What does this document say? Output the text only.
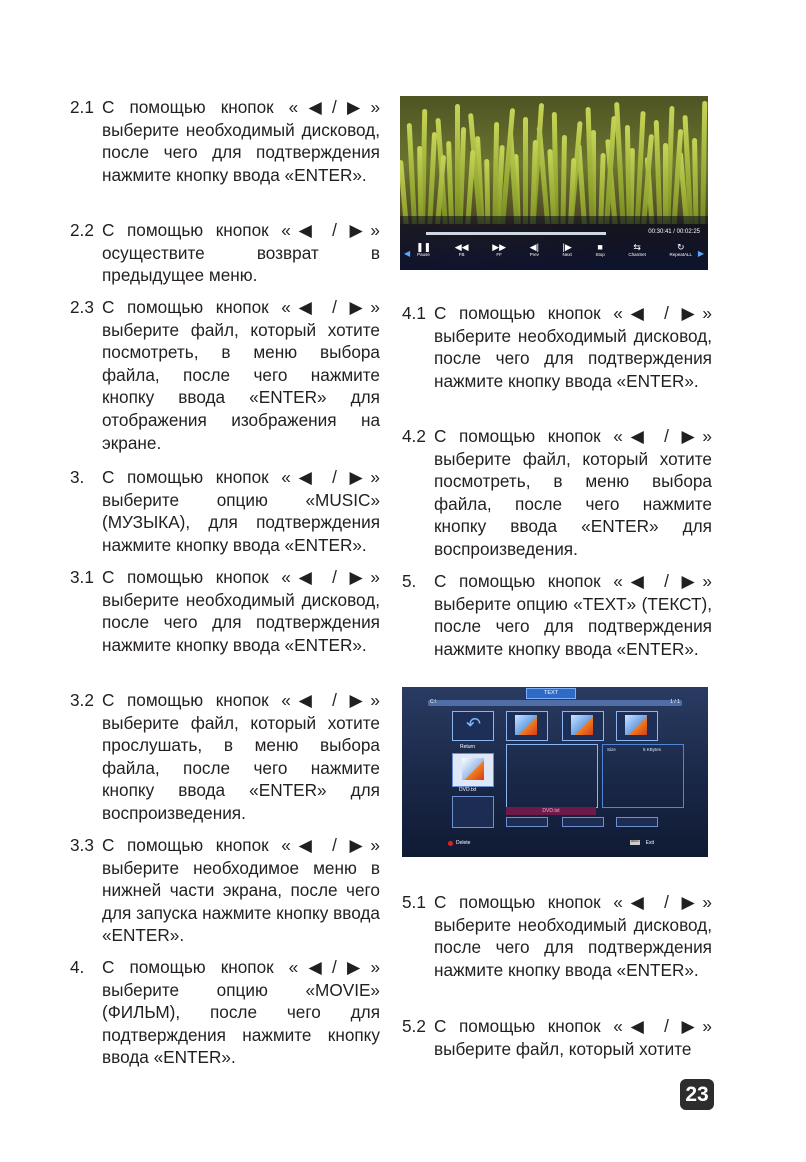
2.1 С помощью кнопок «◀/▶» выберите необходимый дисковод, после чего для подтверждения нажмите кнопку ввода «ENTER».
2.2 С помощью кнопок «◀ / ▶» осуществите возврат в предыдущее меню.
2.3 С помощью кнопок «◀ / ▶» выберите файл, который хотите посмотреть, в меню выбора файла, после чего нажмите кнопку ввода «ENTER» для отображения изображения на экране.
3.	С помощью кнопок «◀ / ▶» выберите опцию «MUSIC» (МУЗЫКА), для подтверждения нажмите кнопку ввода «ENTER».
3.1 С помощью кнопок «◀ / ▶» выберите необходимый дисковод, после чего для подтверждения нажмите кнопку ввода «ENTER».
3.2 С помощью кнопок «◀ / ▶» выберите файл, который хотите прослушать, в меню выбора файла, после чего нажмите кнопку ввода «ENTER» для воспроизведения.
3.3 С помощью кнопок «◀ / ▶» выберите необходимое меню в нижней части экрана, после чего для запуска нажмите кнопку ввода «ENTER».
4.	С помощью кнопок «◀/▶» выберите опцию «MOVIE» (ФИЛЬМ), после чего для подтверждения нажмите кнопку ввода «ENTER».
00:30:41 / 00:02:25
◀	▶
❚❚
Pause
◀◀
FB
▶▶
FF
◀|
Prev
|▶
Next
■
Stop
⇆
ChanSet
↻
RepeatALL
4.1 С помощью кнопок «◀ / ▶» выберите необходимый дисковод, после чего для подтверждения нажмите кнопку ввода «ENTER».
4.2 С помощью кнопок «◀ / ▶» выберите файл, который хотите посмотреть, в меню выбора файла, после чего нажмите кнопку ввода «ENTER» для воспроизведения.
5.	С помощью кнопок «◀ / ▶» выберите опцию «TEXT» (ТЕКСТ), после чего для подтверждения нажмите кнопку ввода «ENTER».
5.1 С помощью кнопок «◀ / ▶» выберите необходимый дисковод, после чего для подтверждения нажмите кнопку ввода «ENTER».
5.2 С помощью кнопок «◀ / ▶» выберите файл, который хотите
TEXT
C:\	1 / 1
↶
Return
DVD.txt
Size	5 KBytes
DVD.txt
Delete	MENU Exit
23
